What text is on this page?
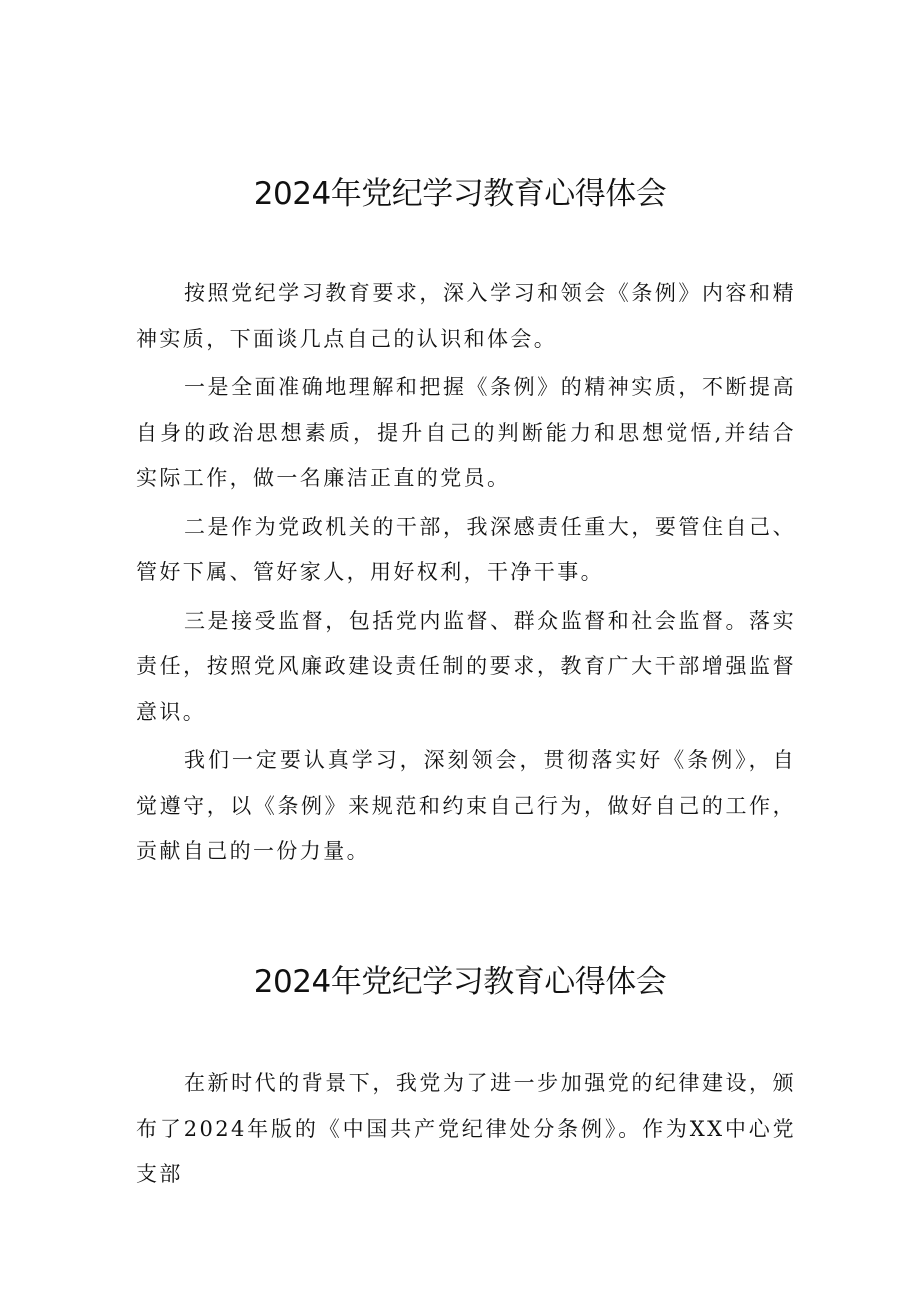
2024年党纪学习教育心得体会

按照党纪学习教育要求，深入学习和领会《条例》内容和精神实质，下面谈几点自己的认识和体会。

一是全面准确地理解和把握《条例》的精神实质，不断提高自身的政治思想素质，提升自己的判断能力和思想觉悟,并结合实际工作，做一名廉洁正直的党员。

二是作为党政机关的干部，我深感责任重大，要管住自己、管好下属、管好家人，用好权利，干净干事。

三是接受监督，包括党内监督、群众监督和社会监督。落实责任，按照党风廉政建设责任制的要求，教育广大干部增强监督意识。

我们一定要认真学习，深刻领会，贯彻落实好《条例》，自觉遵守，以《条例》来规范和约束自己行为，做好自己的工作，贡献自己的一份力量。

2024年党纪学习教育心得体会

在新时代的背景下，我党为了进一步加强党的纪律建设，颁布了2024年版的《中国共产党纪律处分条例》。作为XX中心党支部
